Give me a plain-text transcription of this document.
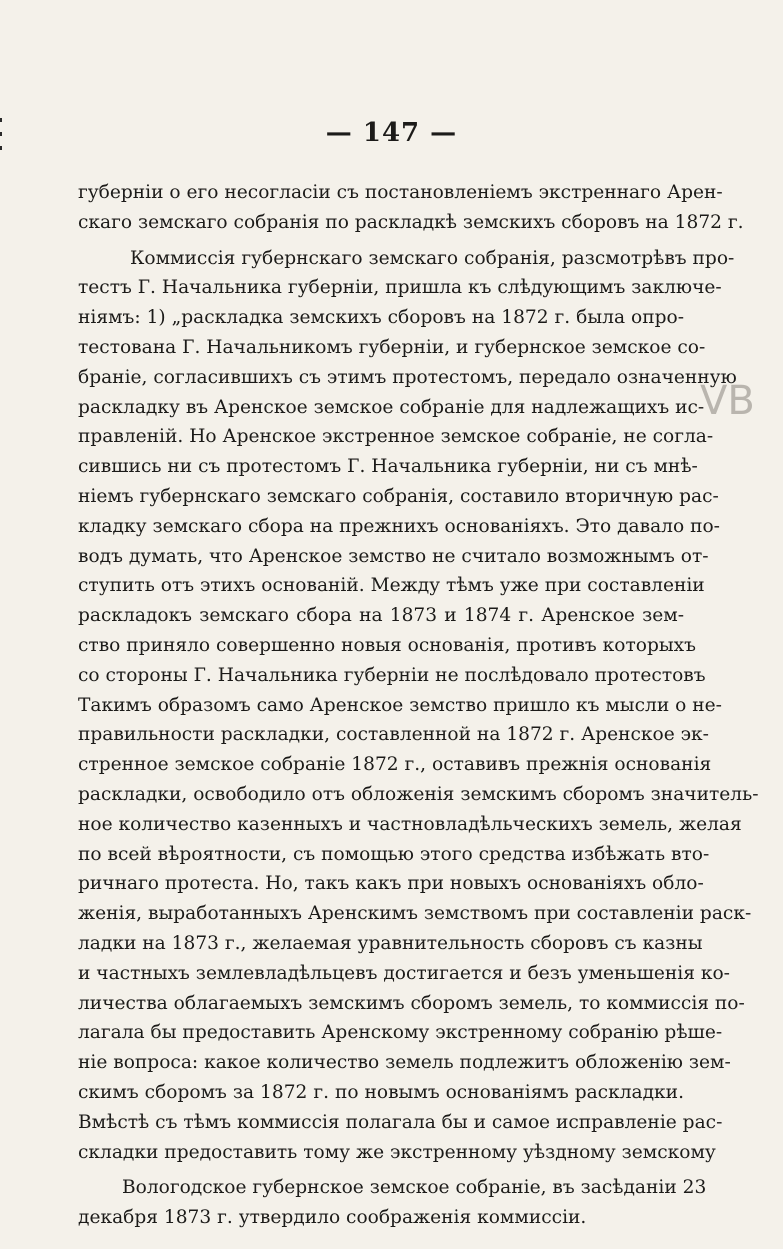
— 147 —
VB
губерніи о его несогласіи съ постановленіемъ экстреннаго Арен-
скаго земскаго собранія по раскладкѣ земскихъ сборовъ на 1872 г.
Коммиссія губернскаго земскаго собранія, разсмотрѣвъ про-
тестъ Г. Начальника губерніи, пришла къ слѣдующимъ заключе-
ніямъ: 1) „раскладка земскихъ сборовъ на 1872 г. была опро-
тестована Г. Начальникомъ губерніи, и губернское земское со-
браніе, согласившихъ съ этимъ протестомъ, передало означенную
раскладку въ Аренское земское собраніе для надлежащихъ ис-
правленій. Но Аренское экстренное земское собраніе, не согла-
сившись ни съ протестомъ Г. Начальника губерніи, ни съ мнѣ-
ніемъ губернскаго земскаго собранія, составило вторичную рас-
кладку земскаго сбора на прежнихъ основаніяхъ. Это давало по-
водъ думать, что Аренское земство не считало возможнымъ от-
ступить отъ этихъ основаній. Между тѣмъ уже при составленіи
раскладокъ земскаго сбора на 1873 и 1874 г. Аренское зем-
ство приняло совершенно новыя основанія, противъ которыхъ
со стороны Г. Начальника губерніи не послѣдовало протестовъ
Такимъ образомъ само Аренское земство пришло къ мысли о не-
правильности раскладки, составленной на 1872 г. Аренское эк-
стренное земское собраніе 1872 г., оставивъ прежнія основанія
раскладки, освободило отъ обложенія земскимъ сборомъ значитель-
ное количество казенныхъ и частновладѣльческихъ земель, желая
по всей вѣроятности, съ помощью этого средства избѣжать вто-
ричнаго протеста. Но, такъ какъ при новыхъ основаніяхъ обло-
женія, выработанныхъ Аренскимъ земствомъ при составленіи раск-
ладки на 1873 г., желаемая уравнительность сборовъ съ казны
и частныхъ землевладѣльцевъ достигается и безъ уменьшенія ко-
личества облагаемыхъ земскимъ сборомъ земель, то коммиссія по-
лагала бы предоставить Аренскому экстренному собранію рѣше-
ніе вопроса: какое количество земель подлежитъ обложенію зем-
скимъ сборомъ за 1872 г. по новымъ основаніямъ раскладки.
Вмѣстѣ съ тѣмъ коммиссія полагала бы и самое исправленіе рас-
складки предоставить тому же экстренному уѣздному земскому
Вологодское губернское земское собраніе, въ засѣданіи 23
декабря 1873 г. утвердило соображенія коммиссіи.
